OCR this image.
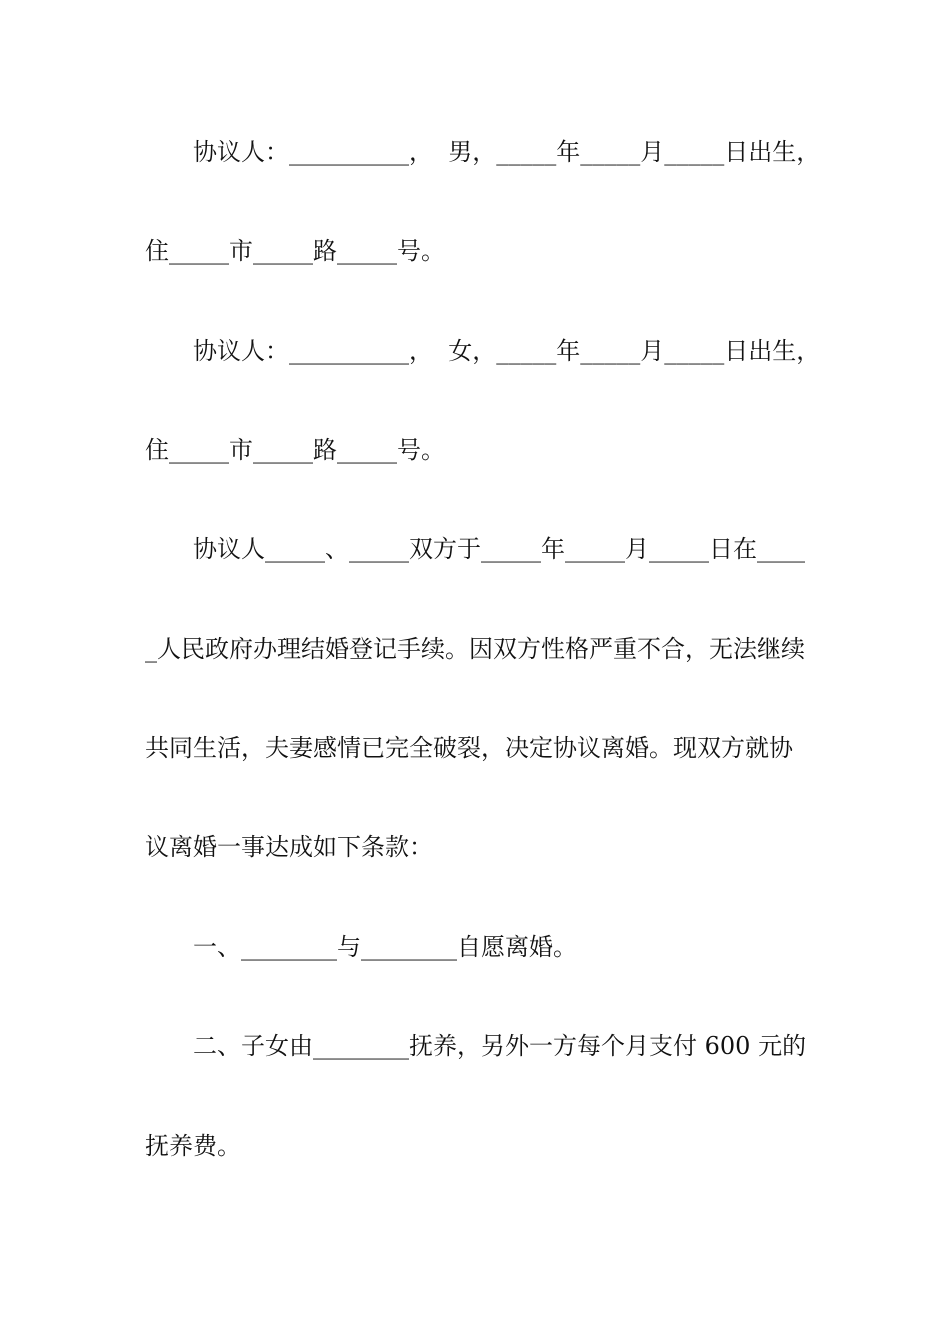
协议人：__________，  男，_____年_____月_____日出生，
住_____市_____路_____号。
协议人：__________，  女，_____年_____月_____日出生，
住_____市_____路_____号。
协议人_____、_____双方于_____年_____月_____日在____
_人民政府办理结婚登记手续。因双方性格严重不合，无法继续
共同生活，夫妻感情已完全破裂，决定协议离婚。现双方就协
议离婚一事达成如下条款：
一、________与________自愿离婚。
二、子女由________抚养，另外一方每个月支付 600 元的
抚养费。
